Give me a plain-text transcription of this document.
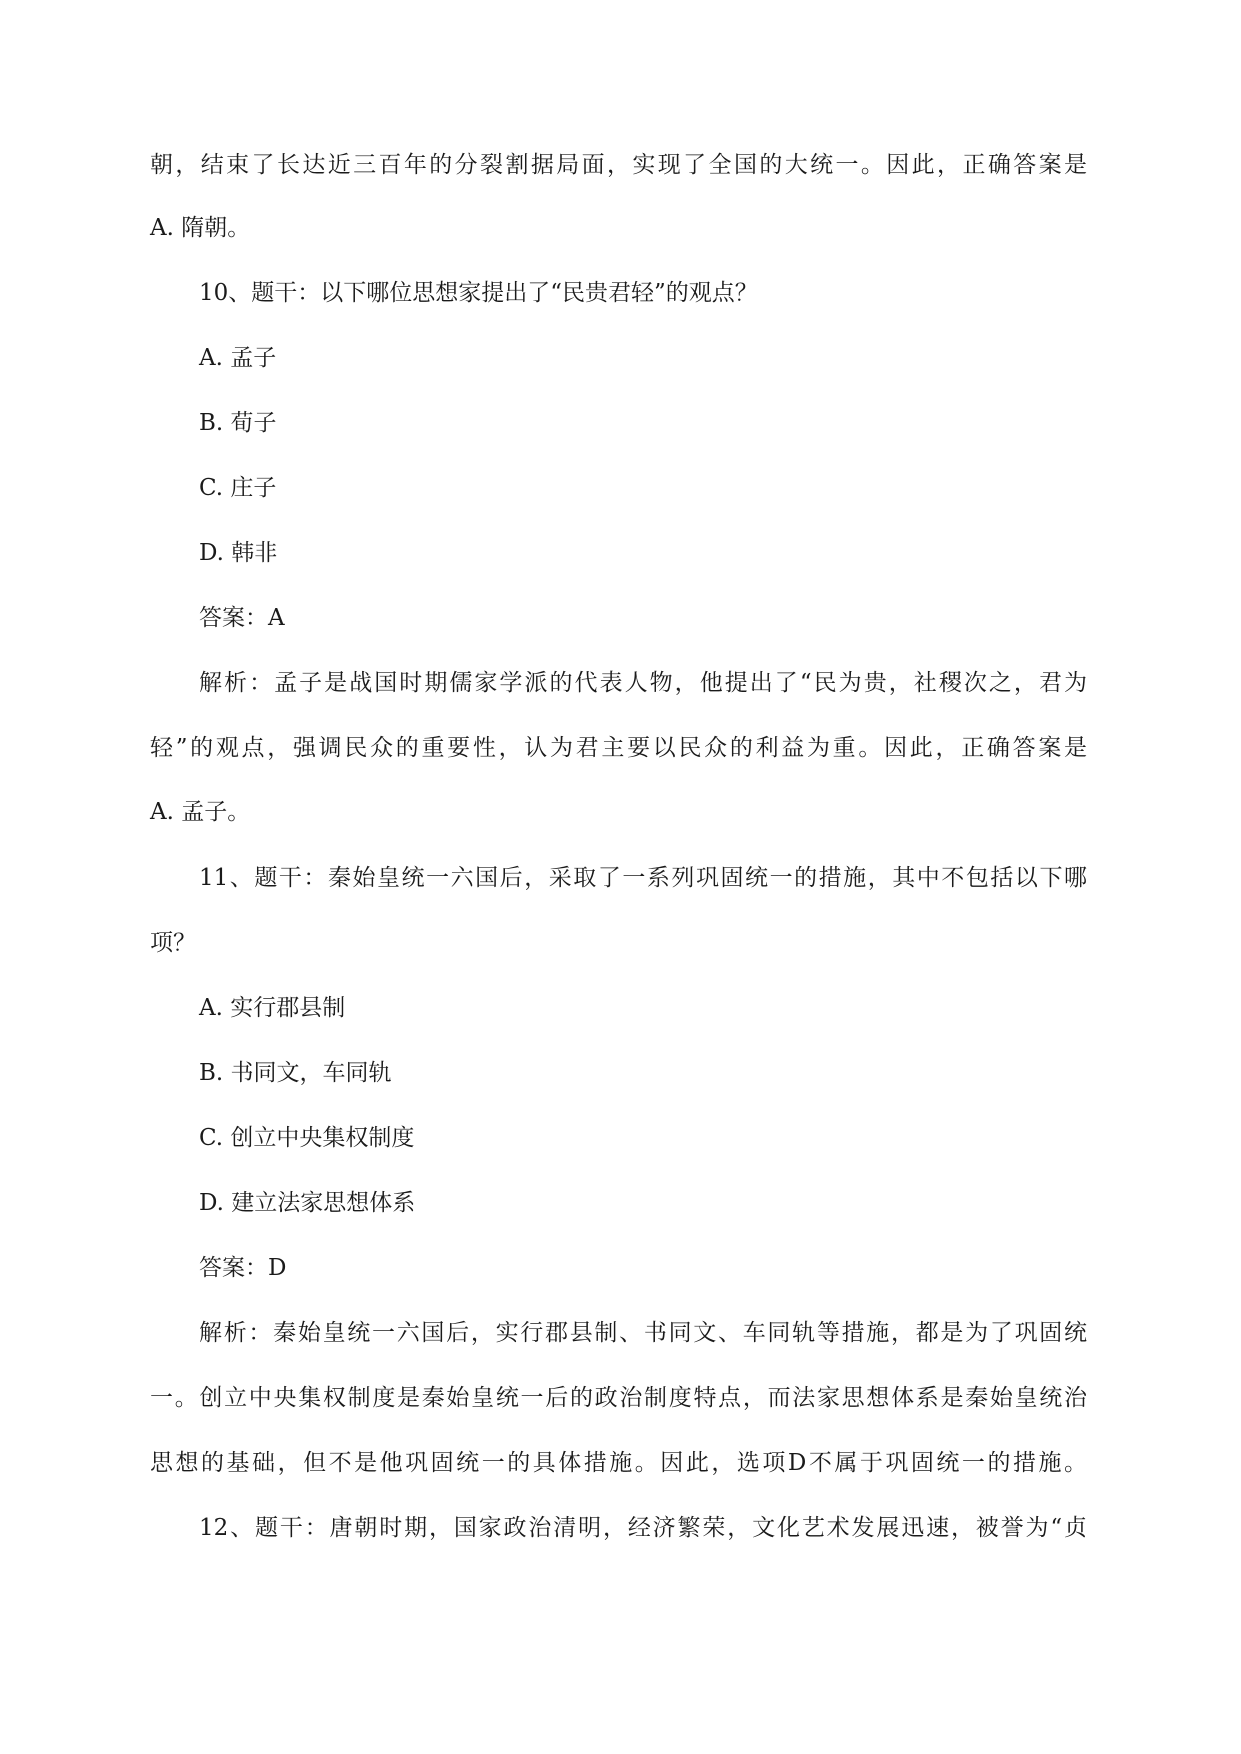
朝，结束了长达近三百年的分裂割据局面，实现了全国的大统一。因此，正确答案是
A. 隋朝。
10、题干：以下哪位思想家提出了“民贵君轻”的观点？
A. 孟子
B. 荀子
C. 庄子
D. 韩非
答案：A
解析：孟子是战国时期儒家学派的代表人物，他提出了“民为贵，社稷次之，君为
轻”的观点，强调民众的重要性，认为君主要以民众的利益为重。因此，正确答案是
A. 孟子。
11、题干：秦始皇统一六国后，采取了一系列巩固统一的措施，其中不包括以下哪
项？
A. 实行郡县制
B. 书同文，车同轨
C. 创立中央集权制度
D. 建立法家思想体系
答案：D
解析：秦始皇统一六国后，实行郡县制、书同文、车同轨等措施，都是为了巩固统
一。创立中央集权制度是秦始皇统一后的政治制度特点，而法家思想体系是秦始皇统治
思想的基础，但不是他巩固统一的具体措施。因此，选项D不属于巩固统一的措施。
12、题干：唐朝时期，国家政治清明，经济繁荣，文化艺术发展迅速，被誉为“贞
